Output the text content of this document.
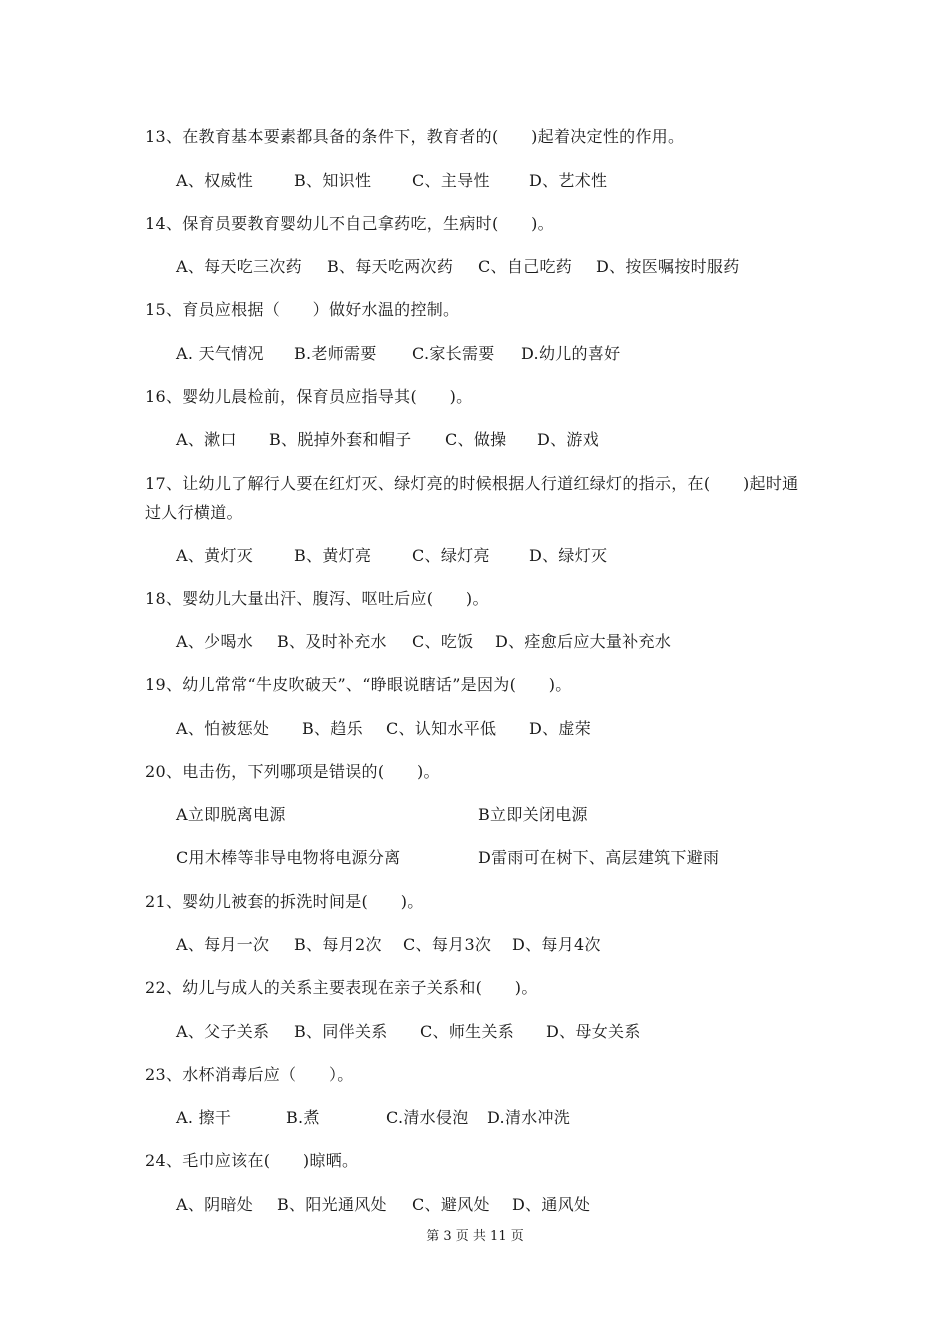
13、在教育基本要素都具备的条件下，教育者的(　　)起着决定性的作用。
A、权威性	B、知识性	C、主导性 D、艺术性
14、保育员要教育婴幼儿不自己拿药吃，生病时(　　)。
A、每天吃三次药 B、每天吃两次药 C、自己吃药 D、按医嘱按时服药
15、育员应根据（　　）做好水温的控制。
A. 天气情况 B.老师需要 C.家长需要 D.幼儿的喜好
16、婴幼儿晨检前，保育员应指导其(　　)。
A、漱口 B、脱掉外套和帽子 C、做操 D、游戏
17、让幼儿了解行人要在红灯灭、绿灯亮的时候根据人行道红绿灯的指示，在(　　)起时通过人行横道。
A、黄灯灭	B、黄灯亮	C、绿灯亮 D、绿灯灭
18、婴幼儿大量出汗、腹泻、呕吐后应(　　)。
A、少喝水 B、及时补充水 C、吃饭 D、痊愈后应大量补充水
19、幼儿常常“牛皮吹破天”、“睁眼说瞎话”是因为(　　)。
A、怕被惩处 B、趋乐 C、认知水平低 D、虚荣
20、电击伤，下列哪项是错误的(　　)。
A立即脱离电源	B立即关闭电源
C用木棒等非导电物将电源分离	D雷雨可在树下、高层建筑下避雨
21、婴幼儿被套的拆洗时间是(　　)。
A、每月一次 B、每月2次 C、每月3次 D、每月4次
22、幼儿与成人的关系主要表现在亲子关系和(　　)。
A、父子关系 B、同伴关系 C、师生关系 D、母女关系
23、水杯消毒后应（　　）。
A. 擦干	B.煮	C.清水侵泡 D.清水冲洗
24、毛巾应该在(　　)晾晒。
A、阴暗处 B、阳光通风处 C、避风处 D、通风处
第 3 页 共 11 页
